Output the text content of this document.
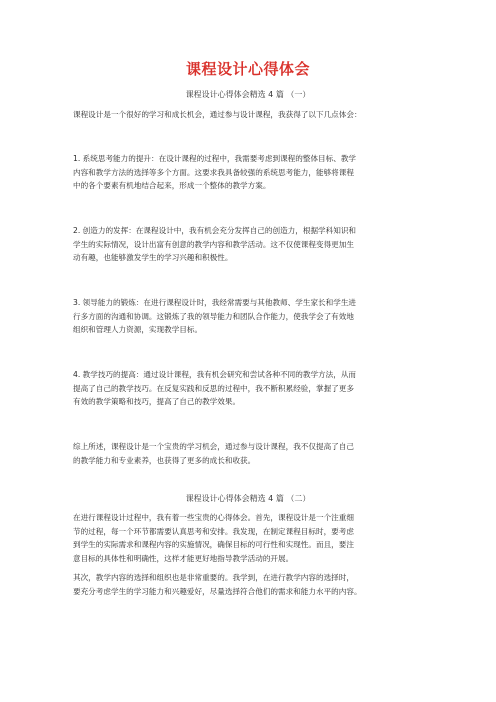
课程设计心得体会
课程设计心得体会精选 4 篇 （一）
课程设计是一个很好的学习和成长机会，通过参与设计课程，我获得了以下几点体会：
1. 系统思考能力的提升：在设计课程的过程中，我需要考虑到课程的整体目标、教学
内容和教学方法的选择等多个方面。这要求我具备较强的系统思考能力，能够将课程
中的各个要素有机地结合起来，形成一个整体的教学方案。
2. 创造力的发挥：在课程设计中，我有机会充分发挥自己的创造力，根据学科知识和
学生的实际情况，设计出富有创意的教学内容和教学活动。这不仅使课程变得更加生
动有趣，也能够激发学生的学习兴趣和积极性。
3. 领导能力的锻炼：在进行课程设计时，我经常需要与其他教师、学生家长和学生进
行多方面的沟通和协调。这锻炼了我的领导能力和团队合作能力，使我学会了有效地
组织和管理人力资源，实现教学目标。
4. 教学技巧的提高：通过设计课程，我有机会研究和尝试各种不同的教学方法，从而
提高了自己的教学技巧。在反复实践和反思的过程中，我不断积累经验，掌握了更多
有效的教学策略和技巧，提高了自己的教学效果。
综上所述，课程设计是一个宝贵的学习机会，通过参与设计课程，我不仅提高了自己
的教学能力和专业素养，也获得了更多的成长和收获。
课程设计心得体会精选 4 篇 （二）
在进行课程设计过程中，我有着一些宝贵的心得体会。首先，课程设计是一个注重细
节的过程，每一个环节都需要认真思考和安排。我发现，在制定课程目标时，要考虑
到学生的实际需求和课程内容的实施情况，确保目标的可行性和实现性。而且，要注
意目标的具体性和明确性，这样才能更好地指导教学活动的开展。
其次，教学内容的选择和组织也是非常重要的。我学到，在进行教学内容的选择时，
要充分考虑学生的学习能力和兴趣爱好，尽量选择符合他们的需求和能力水平的内容。
